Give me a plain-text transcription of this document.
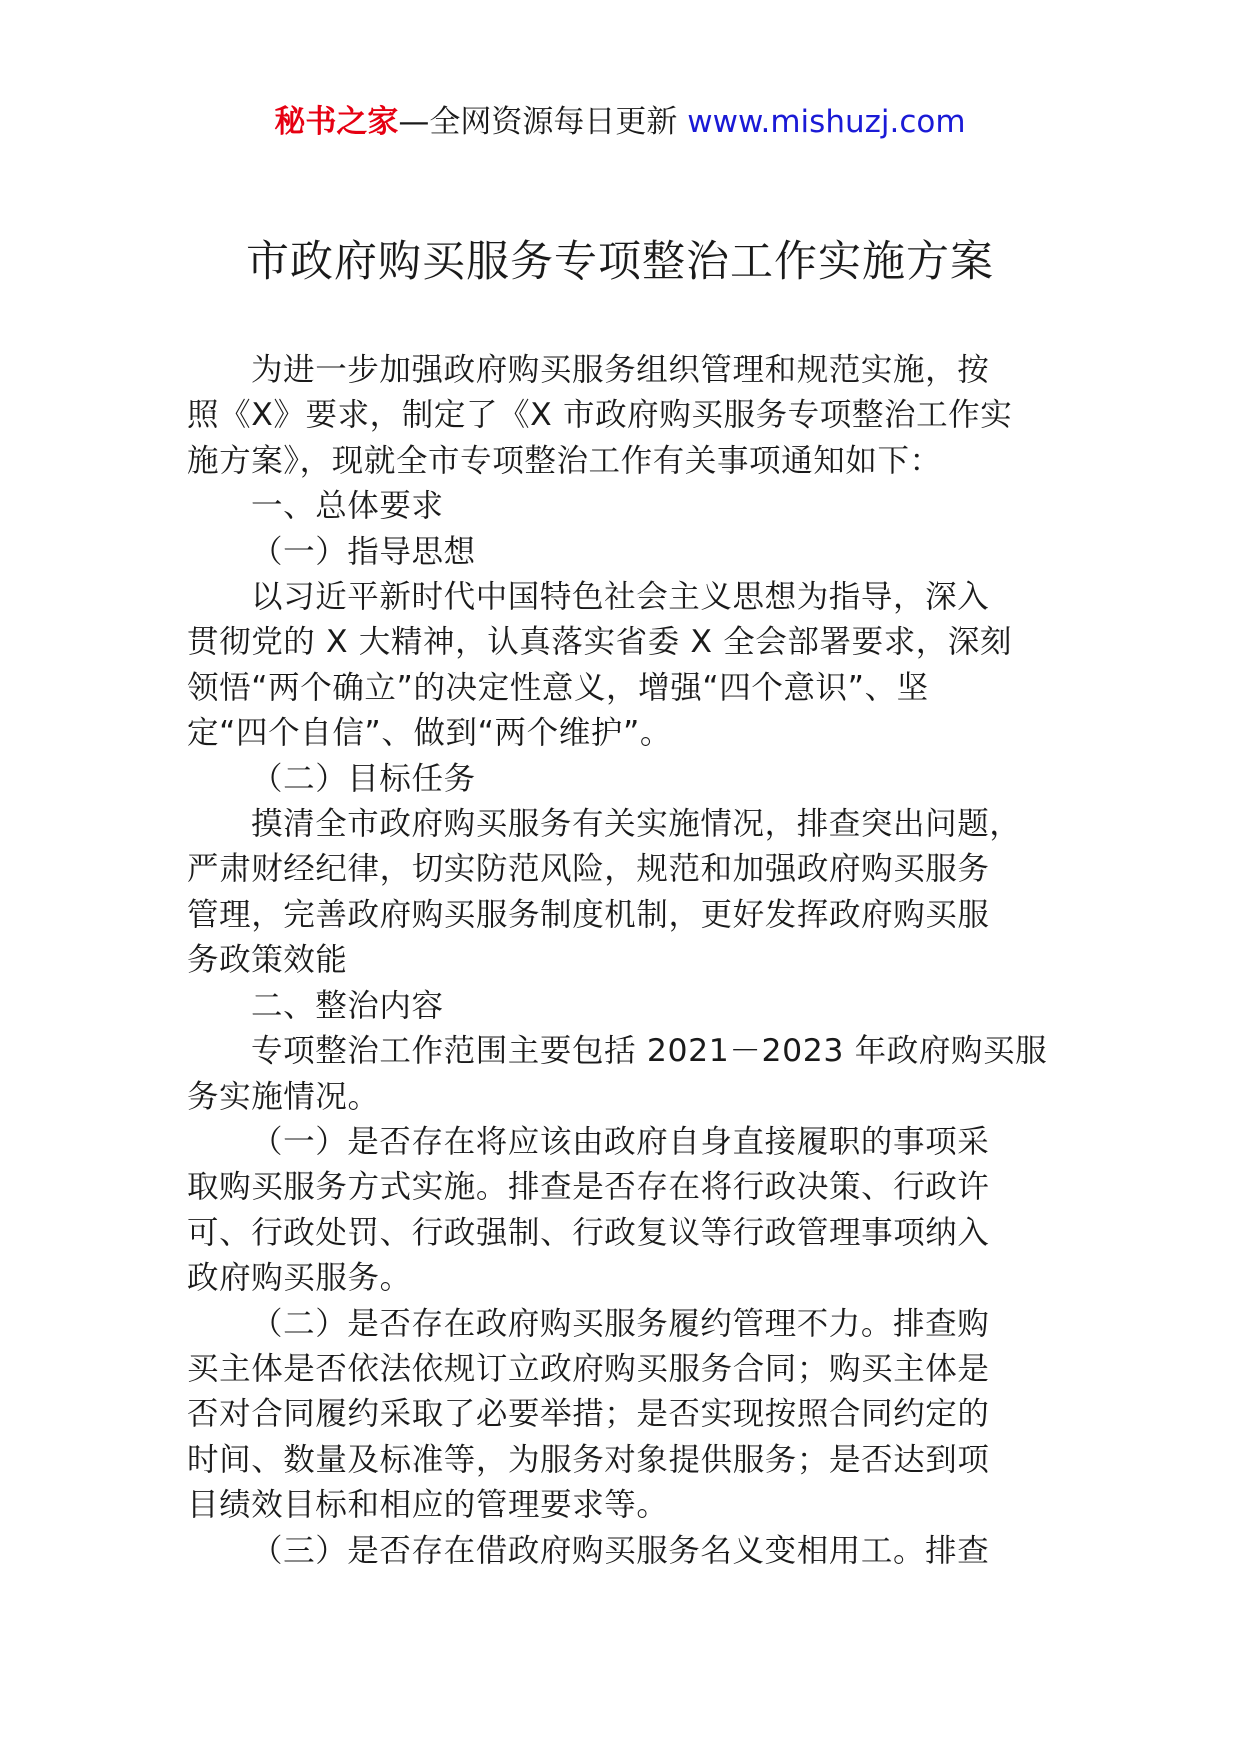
秘书之家—全网资源每日更新 www.mishuzj.com
市政府购买服务专项整治工作实施方案
为进一步加强政府购买服务组织管理和规范实施，按
照《X》要求，制定了《X 市政府购买服务专项整治工作实
施方案》，现就全市专项整治工作有关事项通知如下：
一、总体要求
（一）指导思想
以习近平新时代中国特色社会主义思想为指导，深入
贯彻党的 X 大精神，认真落实省委 X 全会部署要求，深刻
领悟“两个确立”的决定性意义，增强“四个意识”、坚
定“四个自信”、做到“两个维护”。
（二）目标任务
摸清全市政府购买服务有关实施情况，排查突出问题，
严肃财经纪律，切实防范风险，规范和加强政府购买服务
管理，完善政府购买服务制度机制，更好发挥政府购买服
务政策效能
二、整治内容
专项整治工作范围主要包括 2021－2023 年政府购买服
务实施情况。
（一）是否存在将应该由政府自身直接履职的事项采
取购买服务方式实施。排查是否存在将行政决策、行政许
可、行政处罚、行政强制、行政复议等行政管理事项纳入
政府购买服务。
（二）是否存在政府购买服务履约管理不力。排查购
买主体是否依法依规订立政府购买服务合同；购买主体是
否对合同履约采取了必要举措；是否实现按照合同约定的
时间、数量及标准等，为服务对象提供服务；是否达到项
目绩效目标和相应的管理要求等。
（三）是否存在借政府购买服务名义变相用工。排查
